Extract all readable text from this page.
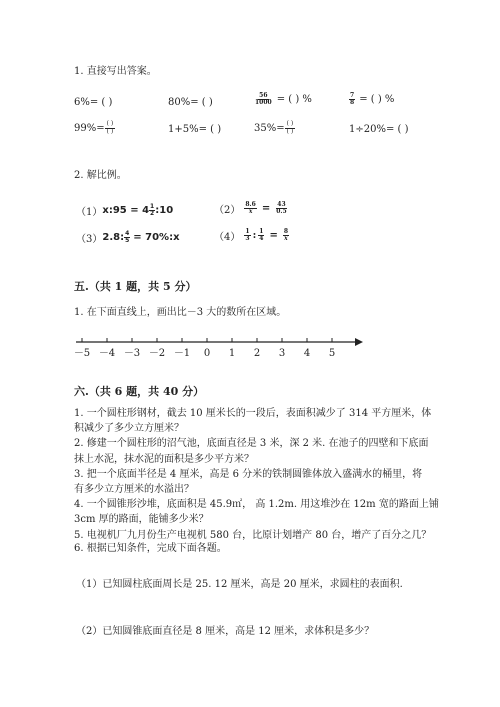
1. 直接写出答案。
6%= ( )	80%= ( )	$\frac{56}{1000}$ = ( ) %	$\frac{7}{8}$ = ( ) %
$99\%= \frac{( )}{( )}$	1+5%= ( )	$35\%= \frac{( )}{( )}$	1÷20%= ( )
2. 解比例。
（1） x:95 = $4 \frac{1}{2}$ :10	$(2) \frac{8.6}{x} = \frac{43}{0.5}$
（3） 2.8: $\frac{4}{5}$ = 70%:x	$(4) \frac{1}{3}$ : $\frac{1}{4} = \frac{8}{x}$
五.（共 1 题，共 5 分）
1. 在下面直线上，画出比－3 大的数所在区域。
－5 －4 －3 －2 －1 0 1 2 3 4 5
六.（共 6 题，共 40 分）
1. 一个圆柱形钢材，截去 10 厘米长的一段后，表面积减少了 314 平方厘米，体
积减少了多少立方厘米？
2. 修建一个圆柱形的沼气池，底面直径是 3 米，深 2 米. 在池子的四壁和下底面
抹上水泥，抹水泥的面积是多少平方米？
3. 把一个底面半径是 4 厘米，高是 6 分米的铁制圆锥体放入盛满水的桶里，将
有多少立方厘米的水溢出？
4. 一个圆锥形沙堆，底面积是 45.9㎡， 高 1.2m. 用这堆沙在 12m 宽的路面上铺
3cm 厚的路面，能铺多少米？
5. 电视机厂九月份生产电视机 580 台，比原计划增产 80 台，增产了百分之几？
6. 根据已知条件，完成下面各题。
（1）已知圆柱底面周长是 25. 12 厘米，高是 20 厘米，求圆柱的表面积.
（2）已知圆锥底面直径是 8 厘米，高是 12 厘米，求体积是多少？
